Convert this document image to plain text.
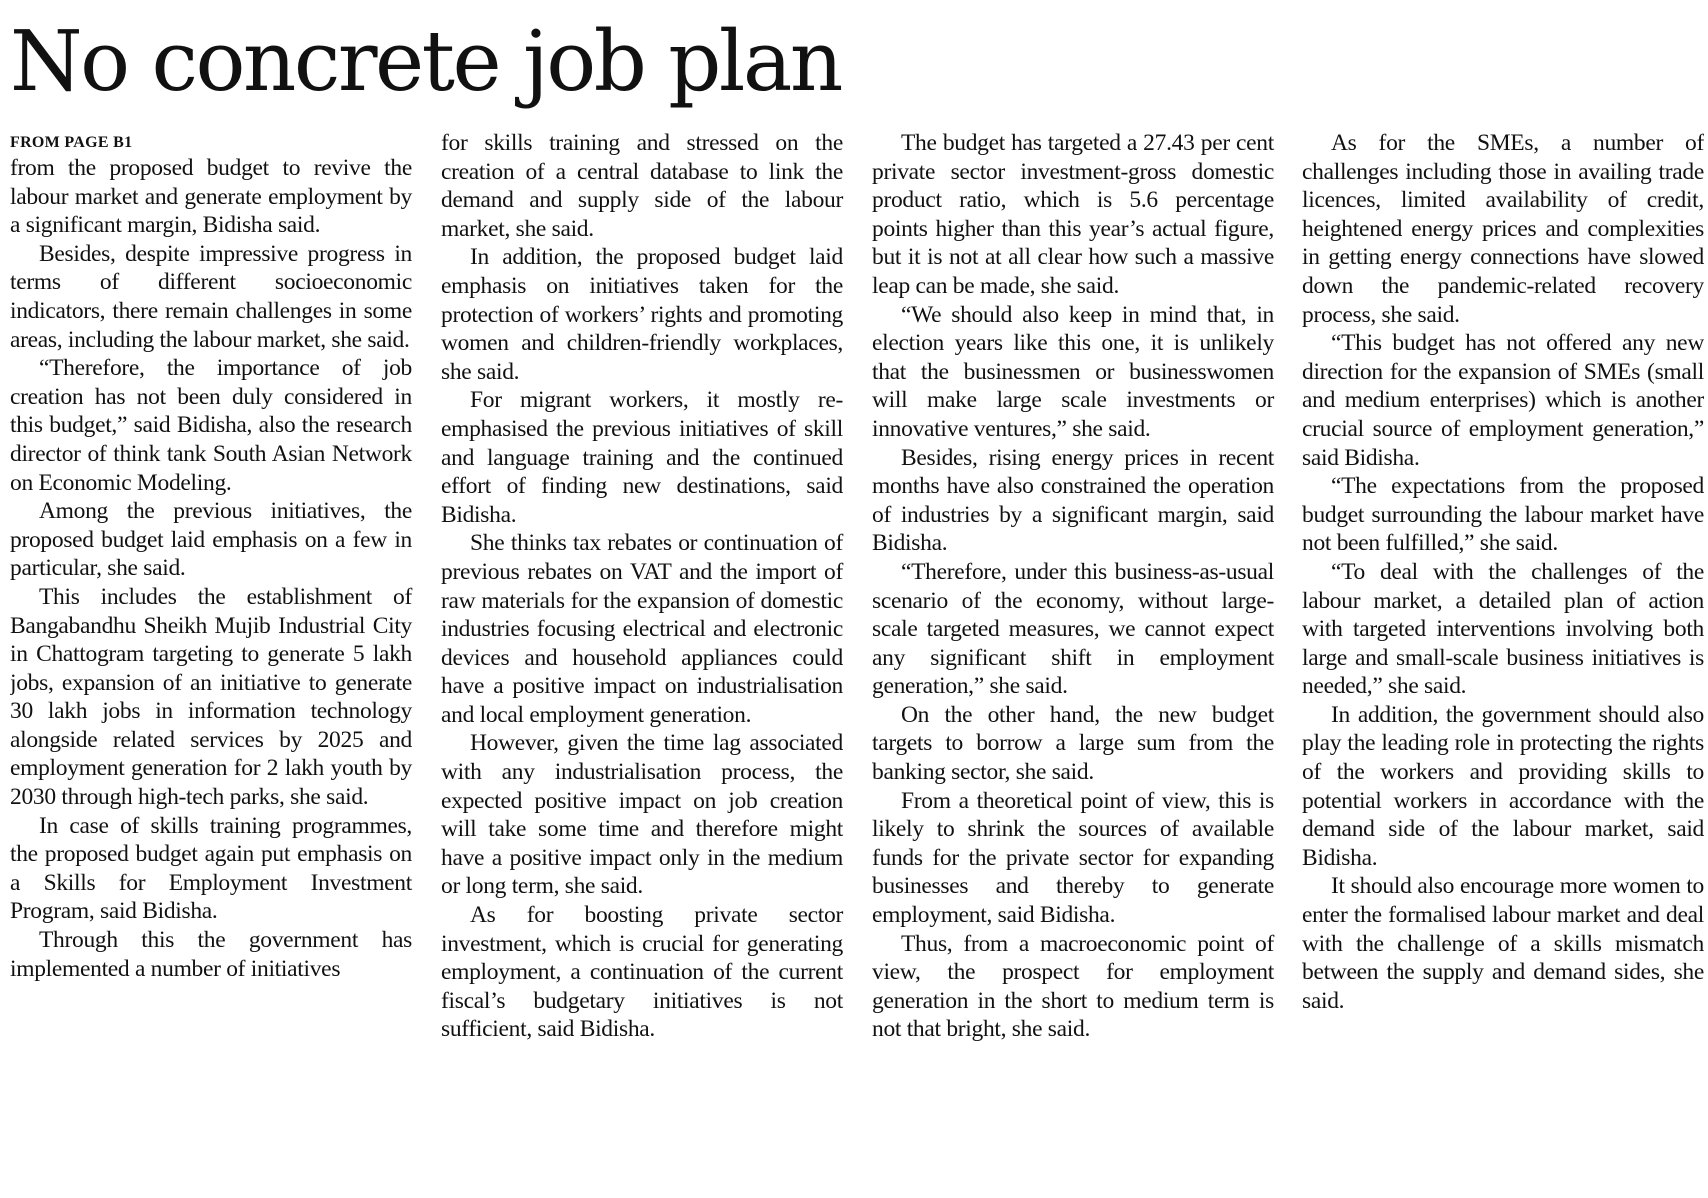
No concrete job plan
FROM PAGE B1

from the proposed budget to revive the labour market and generate employment by a significant margin, Bidisha said.

Besides, despite impressive progress in terms of different socioeconomic indicators, there remain challenges in some areas, including the labour market, she said.

“Therefore, the importance of job creation has not been duly considered in this budget,” said Bidisha, also the research director of think tank South Asian Network on Economic Modeling.

Among the previous initiatives, the proposed budget laid emphasis on a few in particular, she said.

This includes the establishment of Bangabandhu Sheikh Mujib Industrial City in Chattogram targeting to generate 5 lakh jobs, expansion of an initiative to generate 30 lakh jobs in information technology alongside related services by 2025 and employment generation for 2 lakh youth by 2030 through high-tech parks, she said.

In case of skills training programmes, the proposed budget again put emphasis on a Skills for Employment Investment Program, said Bidisha.

Through this the government has implemented a number of initiatives

for skills training and stressed on the creation of a central database to link the demand and supply side of the labour market, she said.

In addition, the proposed budget laid emphasis on initiatives taken for the protection of workers’ rights and promoting women and children-friendly workplaces, she said.

For migrant workers, it mostly re-emphasised the previous initiatives of skill and language training and the continued effort of finding new destinations, said Bidisha.

She thinks tax rebates or continuation of previous rebates on VAT and the import of raw materials for the expansion of domestic industries focusing electrical and electronic devices and household appliances could have a positive impact on industrialisation and local employment generation.

However, given the time lag associated with any industrialisation process, the expected positive impact on job creation will take some time and therefore might have a positive impact only in the medium or long term, she said.

As for boosting private sector investment, which is crucial for generating employment, a continuation of the current fiscal’s budgetary initiatives is not sufficient, said Bidisha.

The budget has targeted a 27.43 per cent private sector investment-gross domestic product ratio, which is 5.6 percentage points higher than this year’s actual figure, but it is not at all clear how such a massive leap can be made, she said.

“We should also keep in mind that, in election years like this one, it is unlikely that the businessmen or businesswomen will make large scale investments or innovative ventures,” she said.

Besides, rising energy prices in recent months have also constrained the operation of industries by a significant margin, said Bidisha.

“Therefore, under this business-as-usual scenario of the economy, without large-scale targeted measures, we cannot expect any significant shift in employment generation,” she said.

On the other hand, the new budget targets to borrow a large sum from the banking sector, she said.

From a theoretical point of view, this is likely to shrink the sources of available funds for the private sector for expanding businesses and thereby to generate employment, said Bidisha.

Thus, from a macroeconomic point of view, the prospect for employment generation in the short to medium term is not that bright, she said.

As for the SMEs, a number of challenges including those in availing trade licences, limited availability of credit, heightened energy prices and complexities in getting energy connections have slowed down the pandemic-related recovery process, she said.

“This budget has not offered any new direction for the expansion of SMEs (small and medium enterprises) which is another crucial source of employment generation,” said Bidisha.

“The expectations from the proposed budget surrounding the labour market have not been fulfilled,” she said.

“To deal with the challenges of the labour market, a detailed plan of action with targeted interventions involving both large and small-scale business initiatives is needed,” she said.

In addition, the government should also play the leading role in protecting the rights of the workers and providing skills to potential workers in accordance with the demand side of the labour market, said Bidisha.

It should also encourage more women to enter the formalised labour market and deal with the challenge of a skills mismatch between the supply and demand sides, she said.
